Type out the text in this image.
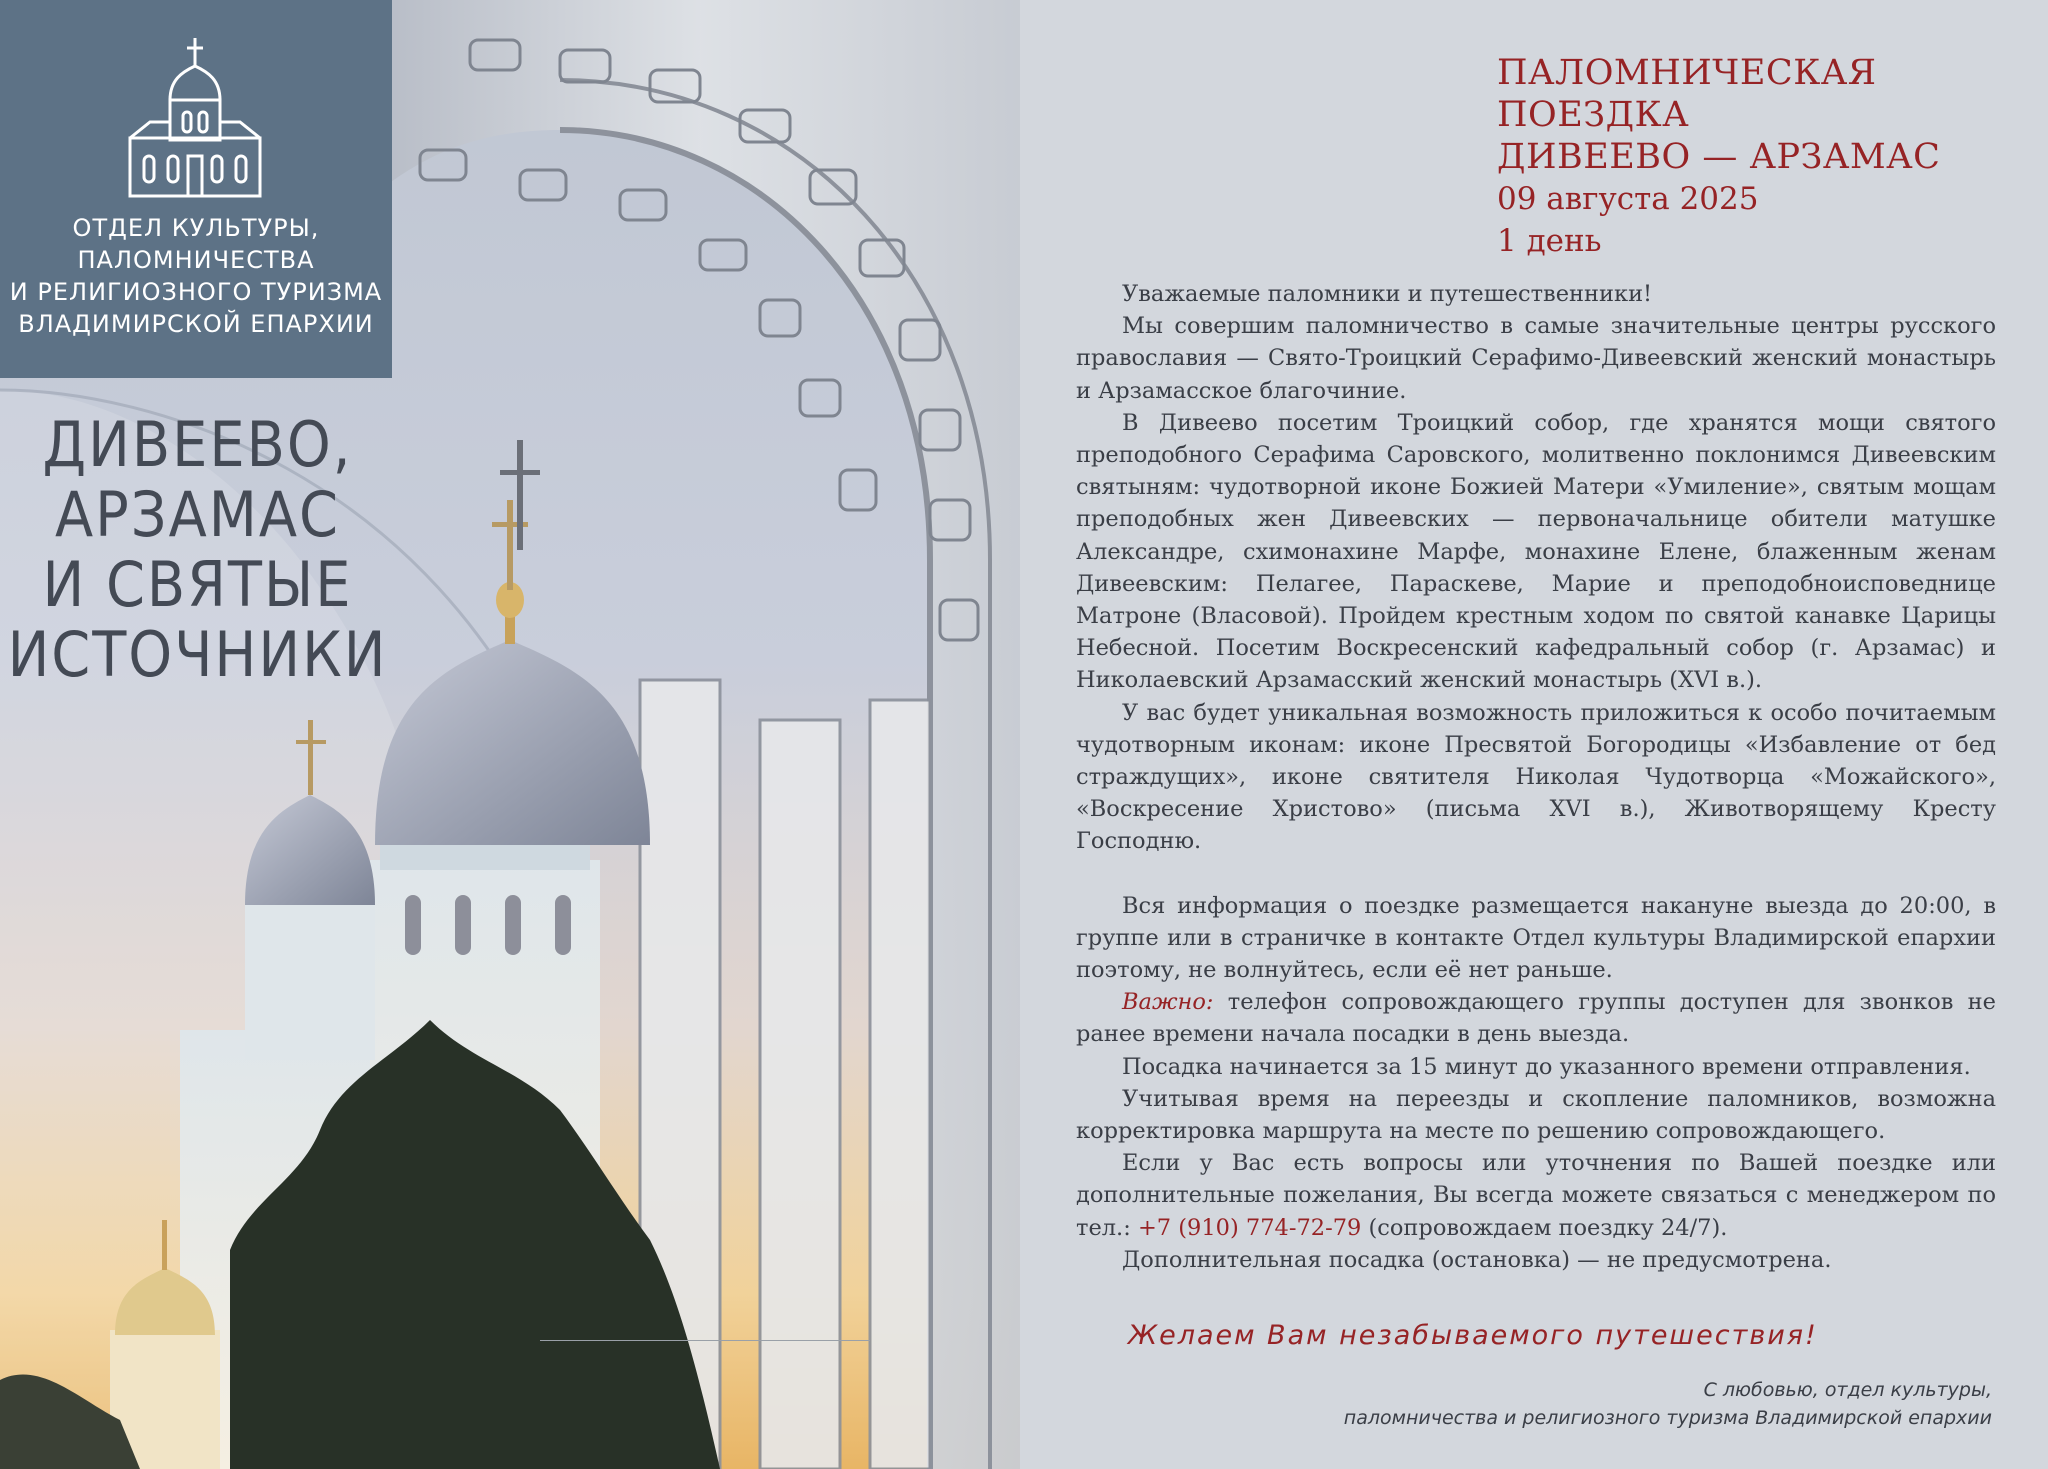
ОТДЕЛ КУЛЬТУРЫ,
ПАЛОМНИЧЕСТВА
И РЕЛИГИОЗНОГО ТУРИЗМА
ВЛАДИМИРСКОЙ ЕПАРХИИ
ДИВЕЕВО,
АРЗАМАС
И СВЯТЫЕ
ИСТОЧНИКИ
ПАЛОМНИЧЕСКАЯ
ПОЕЗДКА
ДИВЕЕВО — АРЗАМАС
09 августа 2025
1 день

Уважаемые паломники и путешественники!

Мы совершим паломничество в самые значительные центры русского православия — Свято-Троицкий Серафимо-Дивеевский женский монастырь и Арзамасское благочиние.

В Дивеево посетим Троицкий собор, где хранятся мощи святого преподобного Серафима Саровского, молитвенно поклонимся Дивеевским святыням: чудотворной иконе Божией Матери «Умиление», святым мощам преподобных жен Дивеевских — первоначальнице обители матушке Александре, схимонахине Марфе, монахине Елене, блаженным женам Дивеевским: Пелагее, Параскеве, Марие и преподобноисповеднице Матроне (Власовой). Пройдем крестным ходом по святой канавке Царицы Небесной. Посетим Воскресенский кафедральный собор (г. Арзамас) и Николаевский Арзамасский женский монастырь (XVI в.).

У вас будет уникальная возможность приложиться к особо почитаемым чудотворным иконам: иконе Пресвятой Богородицы «Избавление от бед страждущих», иконе святителя Николая Чудотворца «Можайского», «Воскресение Христово» (письма XVI в.), Животворящему Кресту Господню.

Вся информация о поездке размещается накануне выезда до 20:00, в группе или в страничке в контакте Отдел культуры Владимирской епархии поэтому, не волнуйтесь, если её нет раньше.

Важно: телефон сопровождающего группы доступен для звонков не ранее времени начала посадки в день выезда.

Посадка начинается за 15 минут до указанного времени отправления.

Учитывая время на переезды и скопление паломников, возможна корректировка маршрута на месте по решению сопровождающего.

Если у Вас есть вопросы или уточнения по Вашей поездке или дополнительные пожелания, Вы всегда можете связаться с менеджером по тел.: +7 (910) 774-72-79 (сопровождаем поездку 24/7).

Дополнительная посадка (остановка) — не предусмотрена.

Желаем Вам незабываемого путешествия!
С любовью, отдел культуры,
паломничества и религиозного туризма Владимирской епархии
